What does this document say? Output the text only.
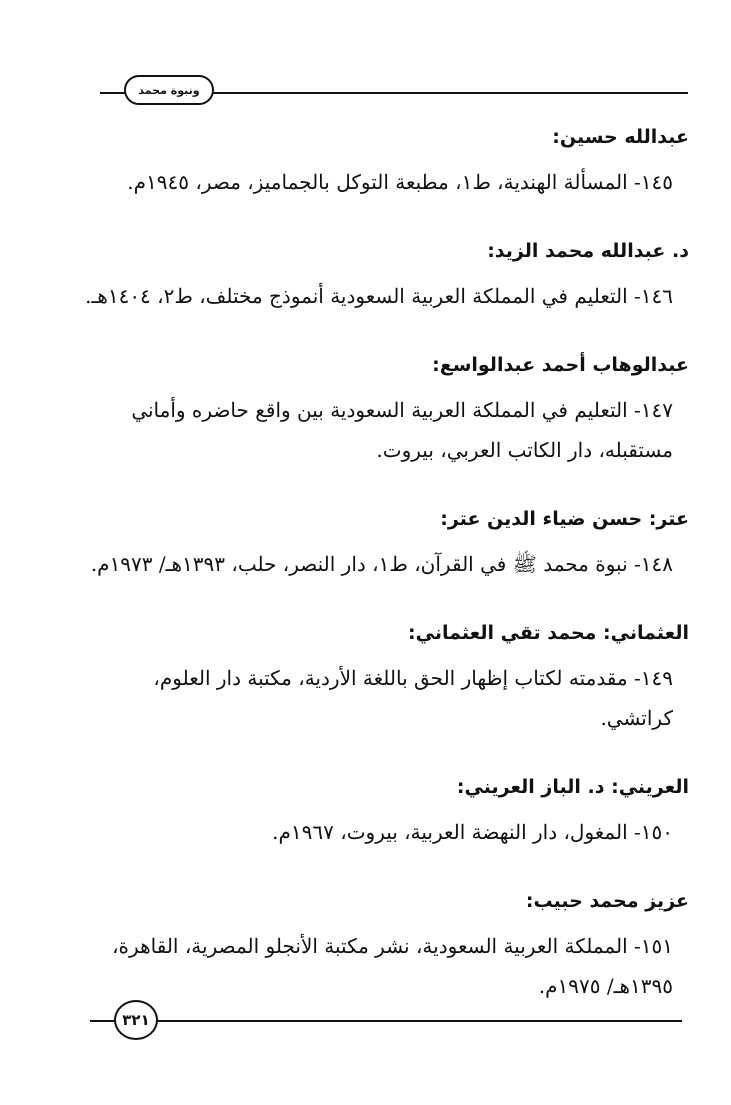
ونبوة محمد
عبدالله حسين:
١٤٥- المسألة الهندية، ط١، مطبعة التوكل بالجماميز، مصر، ١٩٤٥م.
د. عبدالله محمد الزيد:
١٤٦- التعليم في المملكة العربية السعودية أنموذج مختلف، ط٢، ١٤٠٤هـ.
عبدالوهاب أحمد عبدالواسع:
١٤٧- التعليم في المملكة العربية السعودية بين واقع حاضره وأماني مستقبله، دار الكاتب العربي، بيروت.
عتر: حسن ضياء الدين عتر:
١٤٨- نبوة محمد ﷺ في القرآن، ط١، دار النصر، حلب، ١٣٩٣هـ/ ١٩٧٣م.
العثماني: محمد تقي العثماني:
١٤٩- مقدمته لكتاب إظهار الحق باللغة الأردية، مكتبة دار العلوم، كراتشي.
العريني: د. الباز العريني:
١٥٠- المغول، دار النهضة العربية، بيروت، ١٩٦٧م.
عزيز محمد حبيب:
١٥١- المملكة العربية السعودية، نشر مكتبة الأنجلو المصرية، القاهرة، ١٣٩٥هـ/ ١٩٧٥م.
٣٢١
